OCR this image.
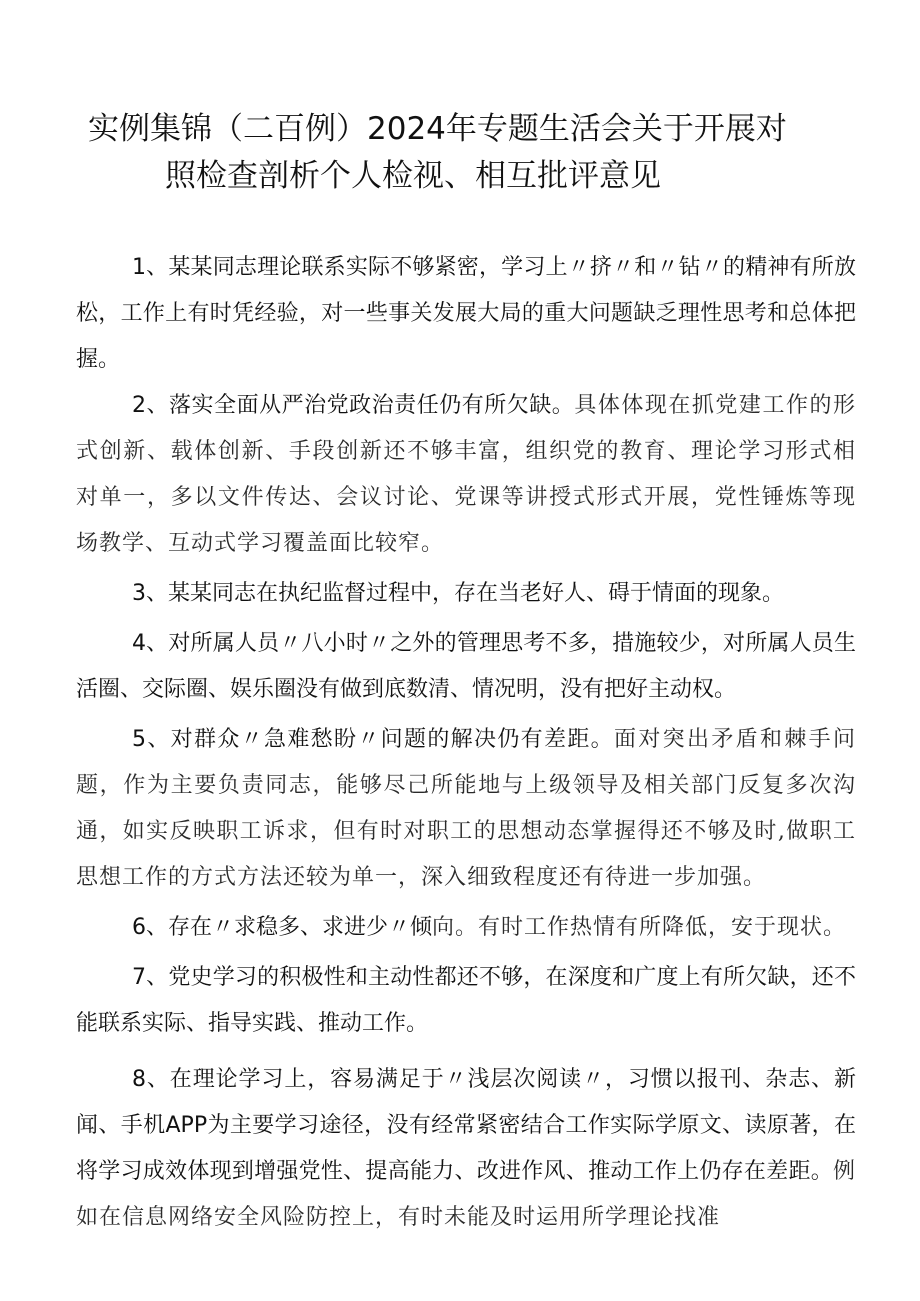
实例集锦（二百例）2024年专题生活会关于开展对
照检查剖析个人检视、相互批评意见

1、某某同志理论联系实际不够紧密，学习上〃挤〃和〃钻〃的精神有所放松，工作上有时凭经验，对一些事关发展大局的重大问题缺乏理性思考和总体把握。

2、落实全面从严治党政治责任仍有所欠缺。具体体现在抓党建工作的形式创新、载体创新、手段创新还不够丰富，组织党的教育、理论学习形式相对单一，多以文件传达、会议讨论、党课等讲授式形式开展，党性锤炼等现场教学、互动式学习覆盖面比较窄。

3、某某同志在执纪监督过程中，存在当老好人、碍于情面的现象。

4、对所属人员〃八小时〃之外的管理思考不多，措施较少，对所属人员生活圈、交际圈、娱乐圈没有做到底数清、情况明，没有把好主动权。

5、对群众〃急难愁盼〃问题的解决仍有差距。面对突出矛盾和棘手问题，作为主要负责同志，能够尽己所能地与上级领导及相关部门反复多次沟通，如实反映职工诉求，但有时对职工的思想动态掌握得还不够及时,做职工思想工作的方式方法还较为单一，深入细致程度还有待进一步加强。

6、存在〃求稳多、求进少〃倾向。有时工作热情有所降低，安于现状。

7、党史学习的积极性和主动性都还不够，在深度和广度上有所欠缺，还不能联系实际、指导实践、推动工作。

8、在理论学习上，容易满足于〃浅层次阅读〃，习惯以报刊、杂志、新闻、手机APP为主要学习途径，没有经常紧密结合工作实际学原文、读原著，在将学习成效体现到增强党性、提高能力、改进作风、推动工作上仍存在差距。例如在信息网络安全风险防控上，有时未能及时运用所学理论找准
